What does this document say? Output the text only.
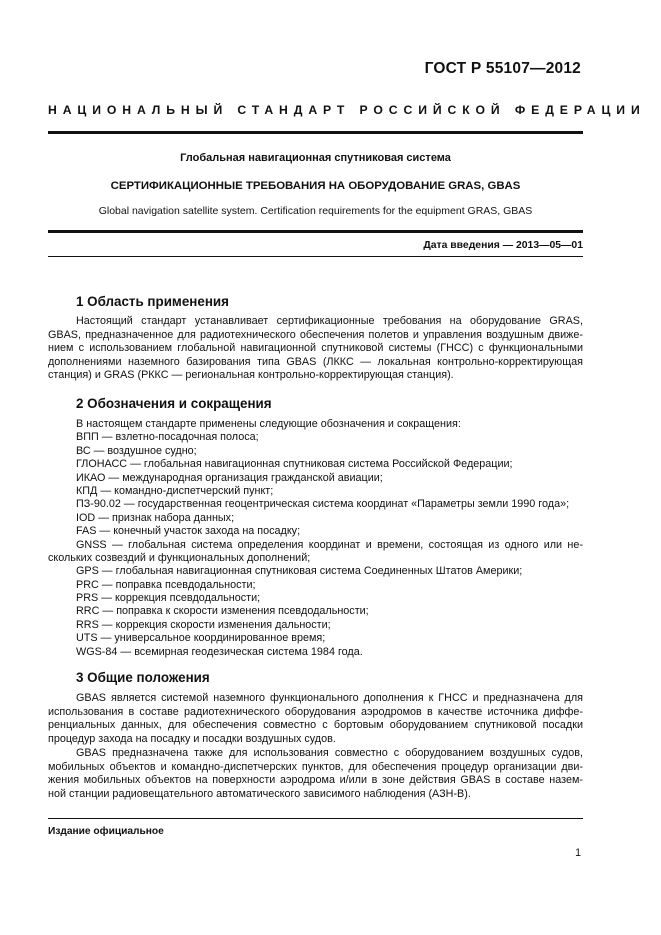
ГОСТ Р 55107—2012
НАЦИОНАЛЬНЫЙ СТАНДАРТ РОССИЙСКОЙ ФЕДЕРАЦИИ
Глобальная навигационная спутниковая система
СЕРТИФИКАЦИОННЫЕ ТРЕБОВАНИЯ НА ОБОРУДОВАНИЕ GRAS, GBAS
Global navigation satellite system. Certification requirements for the equipment GRAS, GBAS
Дата введения — 2013—05—01
1 Область применения
Настоящий стандарт устанавливает сертификационные требования на оборудование GRAS,
GBAS, предназначенное для радиотехнического обеспечения полетов и управления воздушным движе-
нием с использованием глобальной навигационной спутниковой системы (ГНСС) с функциональными
дополнениями наземного базирования типа GBAS (ЛККС — локальная контрольно-корректирующая
станция) и GRAS (РККС — региональная контрольно-корректирующая станция).
2 Обозначения и сокращения
В настоящем стандарте применены следующие обозначения и сокращения:
ВПП — взлетно-посадочная полоса;
ВС — воздушное судно;
ГЛОНАСС — глобальная навигационная спутниковая система Российской Федерации;
ИКАО — международная организация гражданской авиации;
КПД — командно-диспетчерский пункт;
ПЗ-90.02 — государственная геоцентрическая система координат «Параметры земли 1990 года»;
IOD — признак набора данных;
FAS — конечный участок захода на посадку;
GNSS — глобальная система определения координат и времени, состоящая из одного или не-
скольких созвездий и функциональных дополнений;
GPS — глобальная навигационная спутниковая система Соединенных Штатов Америки;
PRC — поправка псевдодальности;
PRS — коррекция псевдодальности;
RRC — поправка к скорости изменения псевдодальности;
RRS — коррекция скорости изменения дальности;
UTS — универсальное координированное время;
WGS-84 — всемирная геодезическая система 1984 года.
3 Общие положения
GBAS является системой наземного функционального дополнения к ГНСС и предназначена для
использования в составе радиотехнического оборудования аэродромов в качестве источника диффе-
ренциальных данных, для обеспечения совместно с бортовым оборудованием спутниковой посадки
процедур захода на посадку и посадки воздушных судов.
GBAS предназначена также для использования совместно с оборудованием воздушных судов,
мобильных объектов и командно-диспетчерских пунктов, для обеспечения процедур организации дви-
жения мобильных объектов на поверхности аэродрома и/или в зоне действия GBAS в составе назем-
ной станции радиовещательного автоматического зависимого наблюдения (АЗН-В).
Издание официальное
1
